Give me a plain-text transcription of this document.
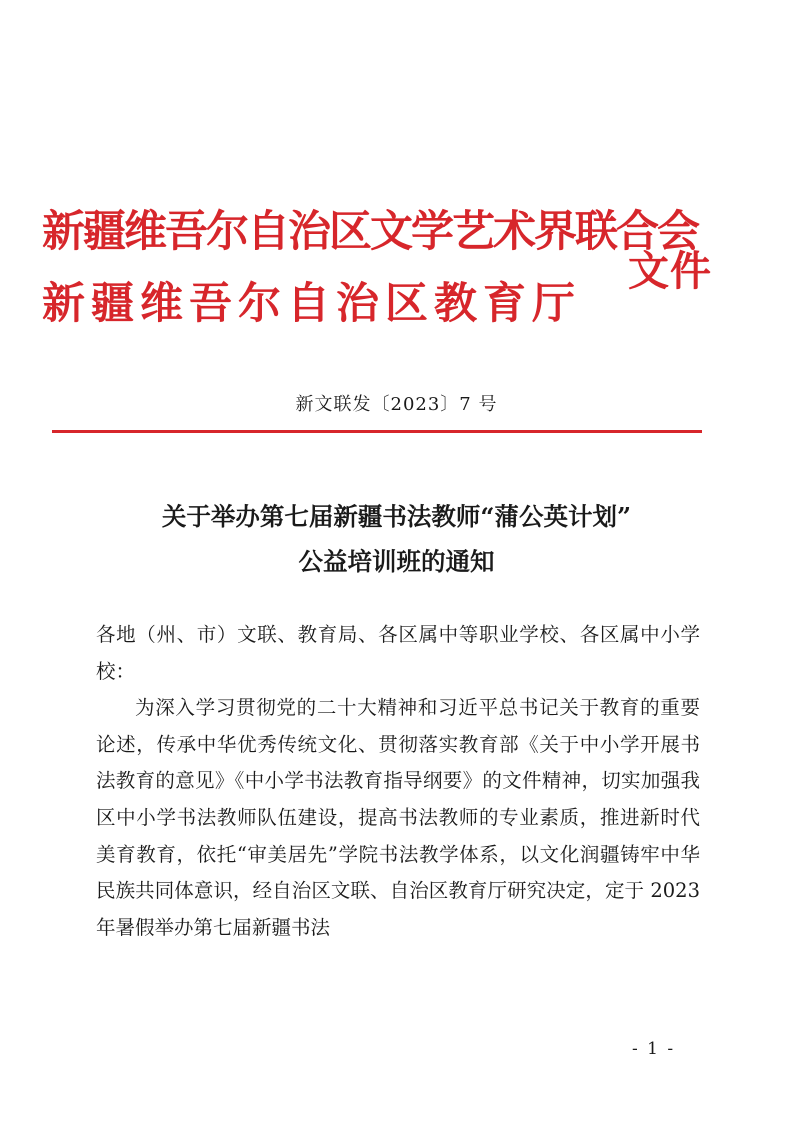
新疆维吾尔自治区文学艺术界联合会
新疆维吾尔自治区教育厅
文件
新文联发〔2023〕7 号
关于举办第七届新疆书法教师“蒲公英计划”
公益培训班的通知

各地（州、市）文联、教育局、各区属中等职业学校、各区属中小学校：

为深入学习贯彻党的二十大精神和习近平总书记关于教育的重要论述，传承中华优秀传统文化、贯彻落实教育部《关于中小学开展书法教育的意见》《中小学书法教育指导纲要》的文件精神，切实加强我区中小学书法教师队伍建设，提高书法教师的专业素质，推进新时代美育教育，依托“审美居先”学院书法教学体系，以文化润疆铸牢中华民族共同体意识，经自治区文联、自治区教育厅研究决定，定于 2023 年暑假举办第七届新疆书法

- 1 -
